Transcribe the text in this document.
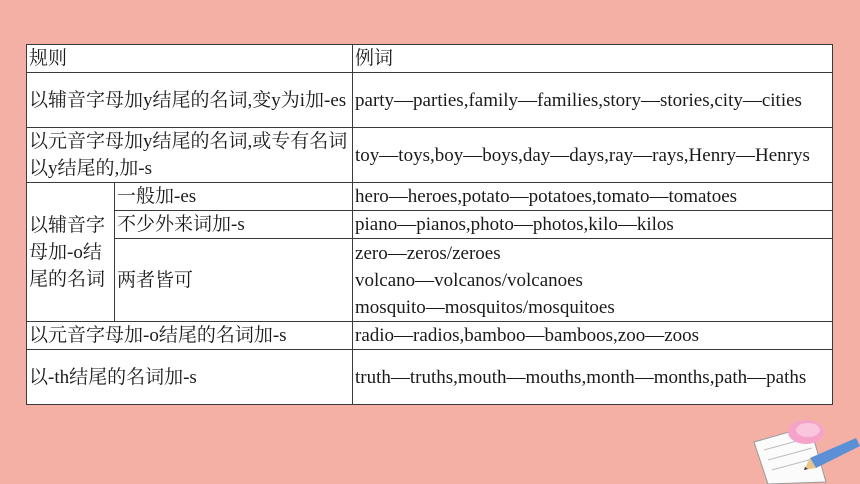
规则		例词
以辅音字母加y结尾的名词,变y为i加-es		party—parties,family—families,story—stories,city—cities
以元音字母加y结尾的名词,或专有名词以y结尾的,加-s		toy—toys,boy—boys,day—days,ray—rays,Henry—Henrys
以辅音字母加-o结尾的名词	一般加-es	hero—heroes,potato—potatoes,tomato—tomatoes
	不少外来词加-s	piano—pianos,photo—photos,kilo—kilos
	两者皆可	zero—zeros/zeroes
volcano—volcanos/volcanoes
mosquito—mosquitos/mosquitoes

以元音字母加-o结尾的名词加-s		radio—radios,bamboo—bamboos,zoo—zoos
以-th结尾的名词加-s		truth—truths,mouth—mouths,month—months,path—paths
